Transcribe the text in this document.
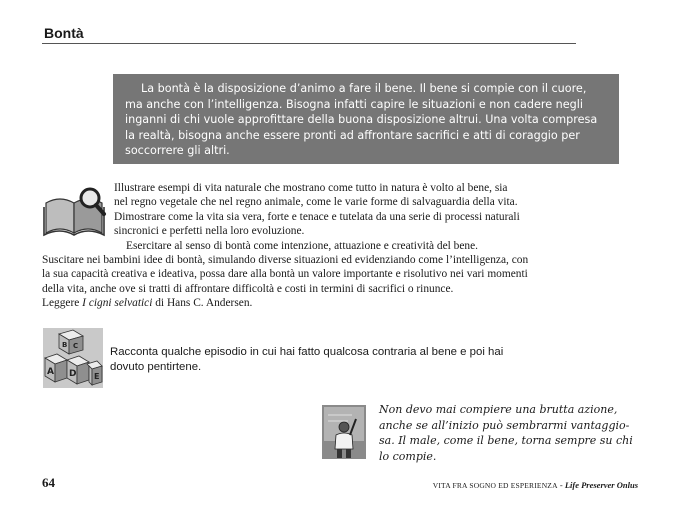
Bontà
La bontà è la disposizione d’animo a fare il bene. Il bene si compie con il cuore,
ma anche con l’intelligenza. Bisogna infatti capire le situazioni e non cadere negli
inganni di chi vuole approfittare della buona disposizione altrui. Una volta compresa
la realtà, bisogna anche essere pronti ad affrontare sacrifici e atti di coraggio per
soccorrere gli altri.
Illustrare esempi di vita naturale che mostrano come tutto in natura è volto al bene, sia
nel regno vegetale che nel regno animale, come le varie forme di salvaguardia della vita.
Dimostrare come la vita sia vera, forte e tenace e tutelata da una serie di processi naturali
sincronici e perfetti nella loro evoluzione.
Esercitare al senso di bontà come intenzione, attuazione e creatività del bene.
Suscitare nei bambini idee di bontà, simulando diverse situazioni ed evidenziando come l’intelligenza, con
la sua capacità creativa e ideativa, possa dare alla bontà un valore importante e risolutivo nei vari momenti
della vita, anche ove si tratti di affrontare difficoltà e costi in termini di sacrifici o rinunce.
Leggere I cigni selvatici di Hans C. Andersen.
B C
A D E
Racconta qualche episodio in cui hai fatto qualcosa contraria al bene e poi hai
dovuto pentirtene.
Non devo mai compiere una brutta azione,
anche se all’inizio può sembrarmi vantaggio-
sa. Il male, come il bene, torna sempre su chi
lo compie.
64	VITA FRA SOGNO ED ESPERIENZA - Life Preserver Onlus
